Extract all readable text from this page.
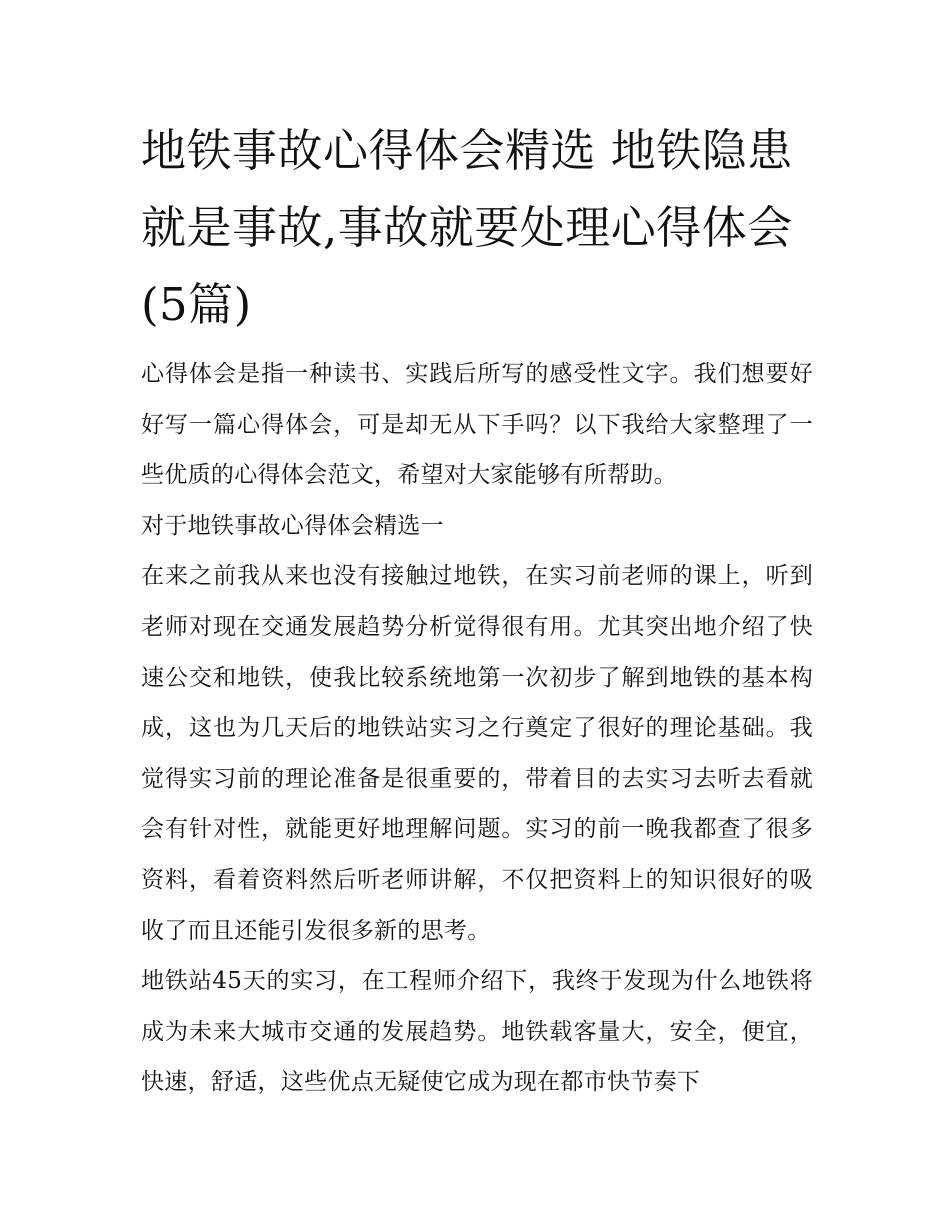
地铁事故心得体会精选 地铁隐患就是事故,事故就要处理心得体会(5篇)

心得体会是指一种读书、实践后所写的感受性文字。我们想要好好写一篇心得体会，可是却无从下手吗？以下我给大家整理了一些优质的心得体会范文，希望对大家能够有所帮助。

对于地铁事故心得体会精选一

在来之前我从来也没有接触过地铁，在实习前老师的课上，听到老师对现在交通发展趋势分析觉得很有用。尤其突出地介绍了快速公交和地铁，使我比较系统地第一次初步了解到地铁的基本构成，这也为几天后的地铁站实习之行奠定了很好的理论基础。我觉得实习前的理论准备是很重要的，带着目的去实习去听去看就会有针对性，就能更好地理解问题。实习的前一晚我都查了很多资料，看着资料然后听老师讲解，不仅把资料上的知识很好的吸收了而且还能引发很多新的思考。

地铁站45天的实习，在工程师介绍下，我终于发现为什么地铁将成为未来大城市交通的发展趋势。地铁载客量大，安全，便宜，快速，舒适，这些优点无疑使它成为现在都市快节奏下
